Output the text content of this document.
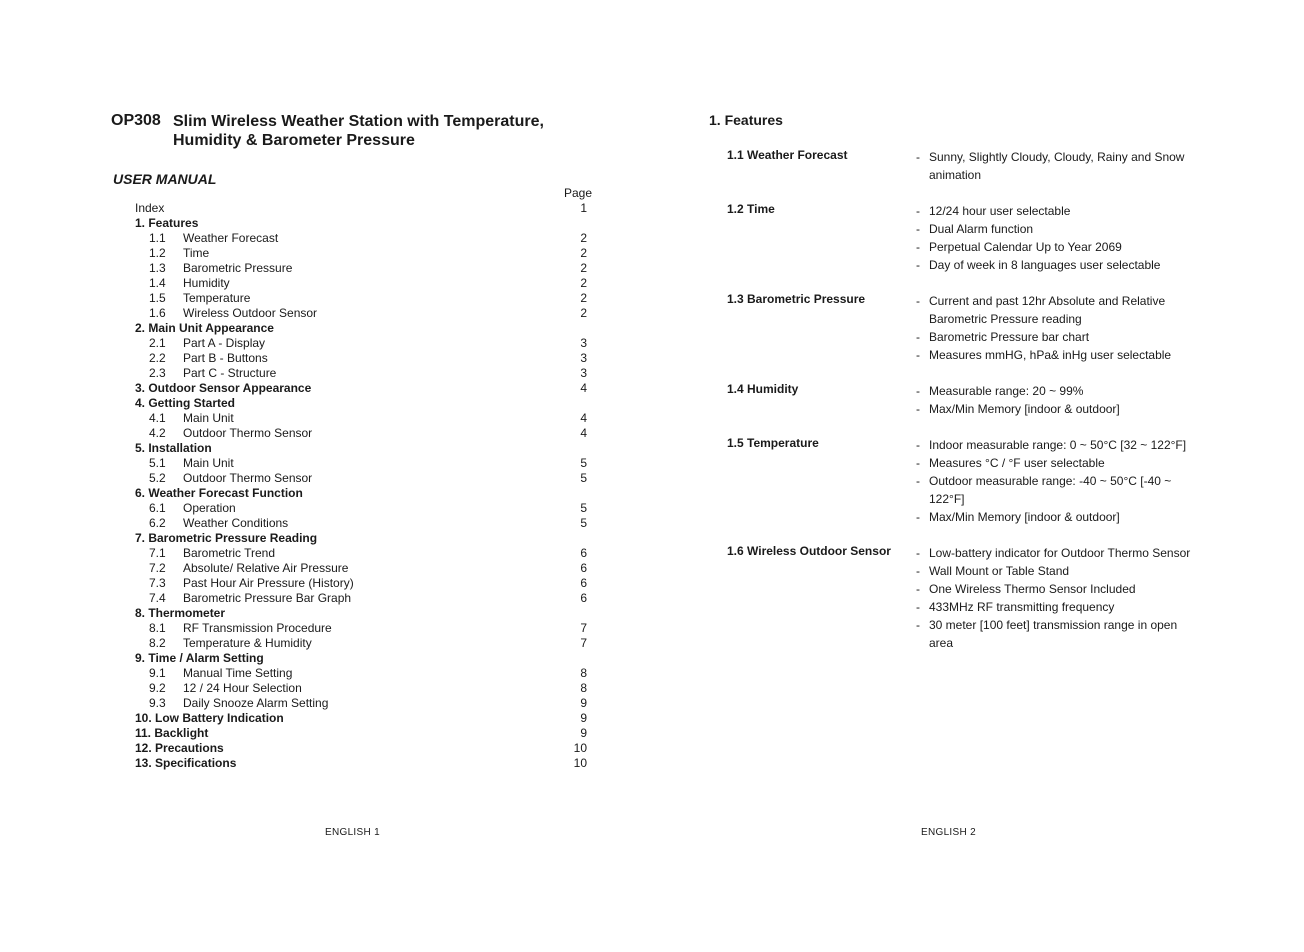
OP308 Slim Wireless Weather Station with Temperature, Humidity & Barometer Pressure
USER MANUAL
Page
Index	1
1. Features
1.1 Weather Forecast	2
1.2 Time	2
1.3 Barometric Pressure	2
1.4 Humidity	2
1.5 Temperature	2
1.6 Wireless Outdoor Sensor	2
2. Main Unit Appearance
2.1 Part A - Display	3
2.2 Part B - Buttons	3
2.3 Part C - Structure	3
3. Outdoor Sensor Appearance	4
4. Getting Started
4.1 Main Unit	4
4.2 Outdoor Thermo Sensor	4
5. Installation
5.1 Main Unit	5
5.2 Outdoor Thermo Sensor	5
6. Weather Forecast Function
6.1 Operation	5
6.2 Weather Conditions	5
7. Barometric Pressure Reading
7.1 Barometric Trend	6
7.2 Absolute/ Relative Air Pressure	6
7.3 Past Hour Air Pressure (History)	6
7.4 Barometric Pressure Bar Graph	6
8. Thermometer
8.1 RF Transmission Procedure	7
8.2 Temperature & Humidity	7
9. Time / Alarm Setting
9.1 Manual Time Setting	8
9.2 12 / 24 Hour Selection	8
9.3 Daily Snooze Alarm Setting	9
10. Low Battery Indication	9
11. Backlight	9
12. Precautions	10
13. Specifications	10
ENGLISH 1
1. Features
1.1 Weather Forecast	- Sunny, Slightly Cloudy, Cloudy, Rainy and Snow animation
1.2 Time	- 12/24 hour user selectable
- Dual Alarm function
- Perpetual Calendar Up to Year 2069
- Day of week in 8 languages user selectable
1.3 Barometric Pressure	- Current and past 12hr Absolute and Relative Barometric Pressure reading
- Barometric Pressure bar chart
- Measures mmHG, hPa& inHg user selectable
1.4 Humidity	- Measurable range: 20 ~ 99%
- Max/Min Memory [indoor & outdoor]
1.5 Temperature	- Indoor measurable range: 0 ~ 50°C [32 ~ 122°F]
- Measures °C / °F user selectable
- Outdoor measurable range: -40 ~ 50°C [-40 ~ 122°F]
- Max/Min Memory [indoor & outdoor]
1.6 Wireless Outdoor Sensor	- Low-battery indicator for Outdoor Thermo Sensor
- Wall Mount or Table Stand
- One Wireless Thermo Sensor Included
- 433MHz RF transmitting frequency
- 30 meter [100 feet] transmission range in open area
ENGLISH 2
